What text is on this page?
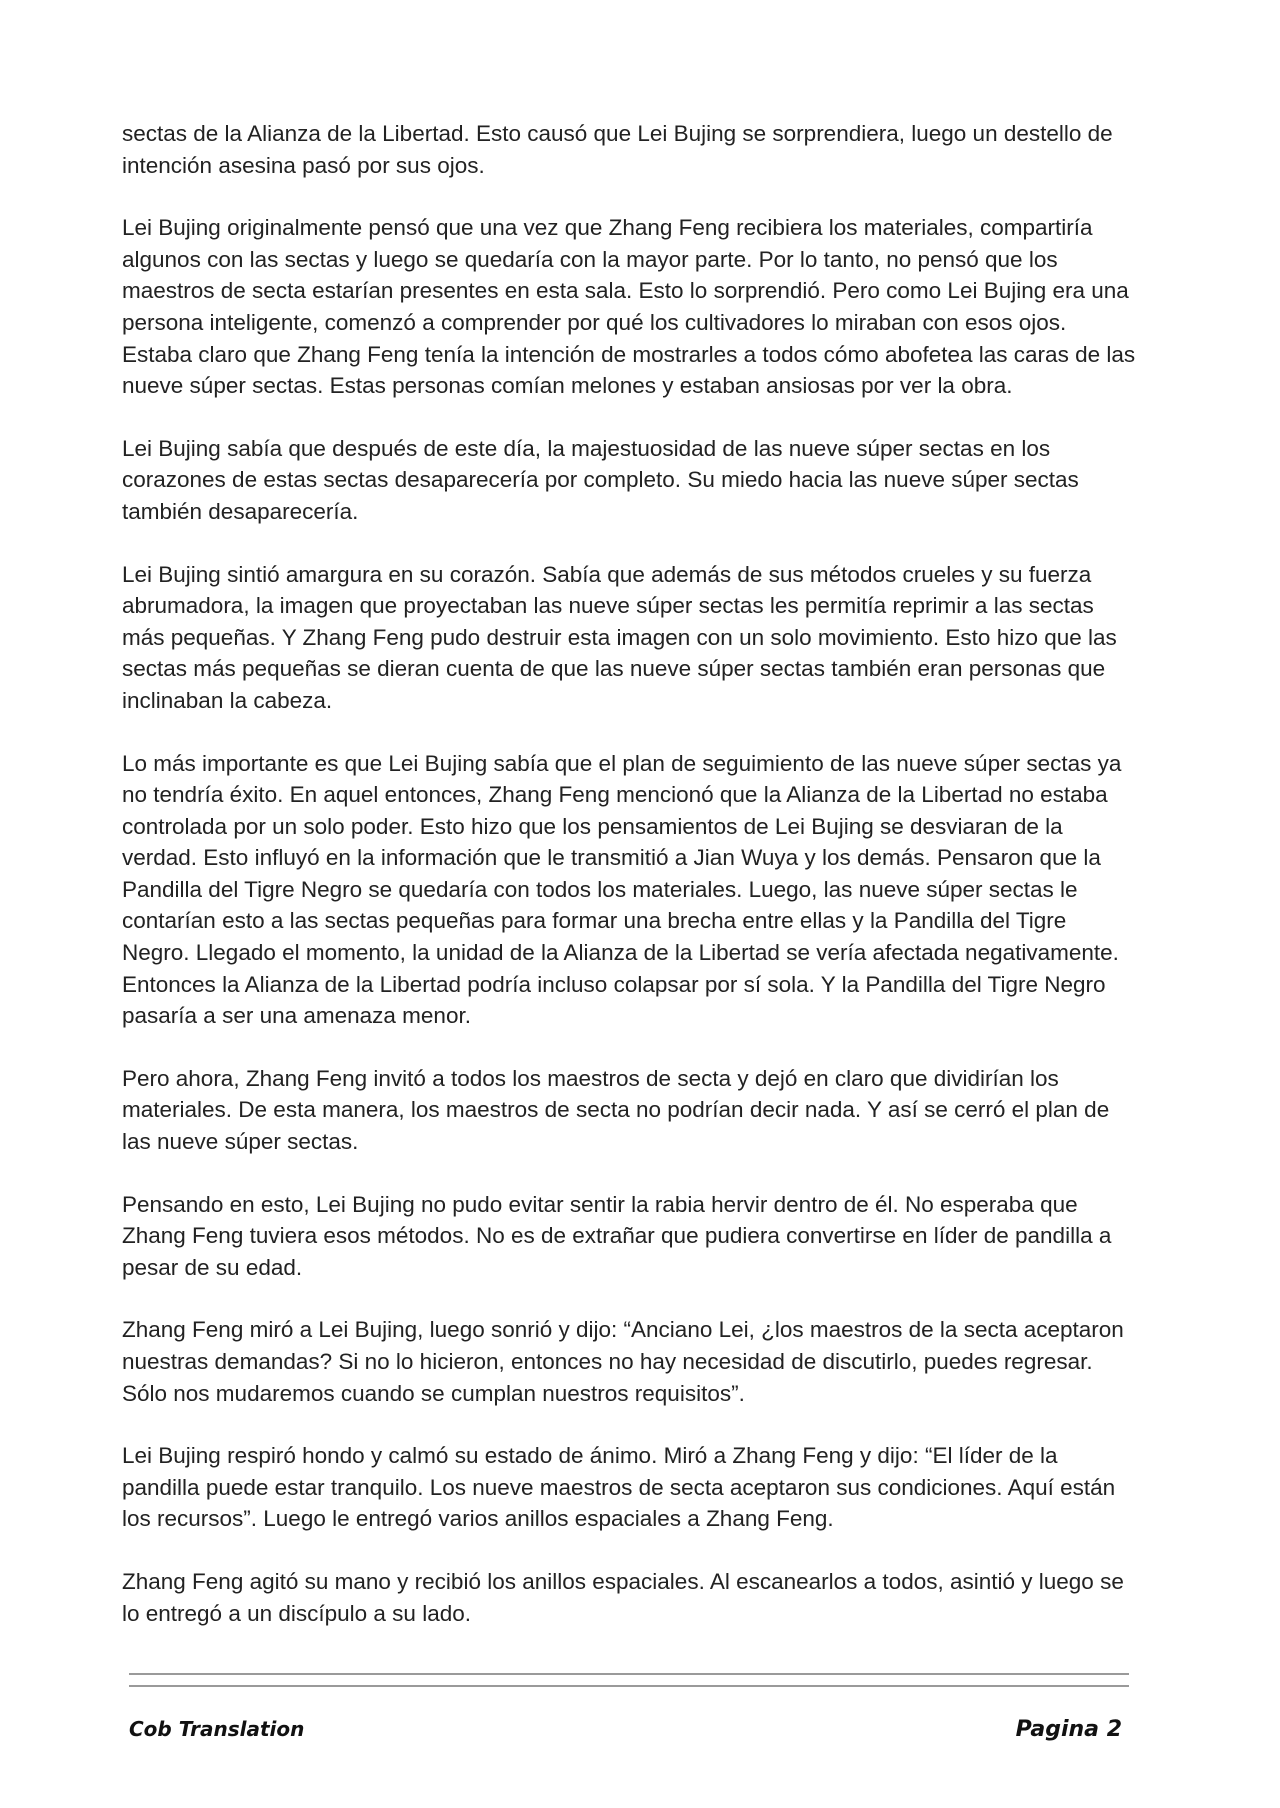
sectas de la Alianza de la Libertad. Esto causó que Lei Bujing se sorprendiera, luego un destello de intención asesina pasó por sus ojos.

Lei Bujing originalmente pensó que una vez que Zhang Feng recibiera los materiales, compartiría algunos con las sectas y luego se quedaría con la mayor parte. Por lo tanto, no pensó que los maestros de secta estarían presentes en esta sala. Esto lo sorprendió. Pero como Lei Bujing era una persona inteligente, comenzó a comprender por qué los cultivadores lo miraban con esos ojos. Estaba claro que Zhang Feng tenía la intención de mostrarles a todos cómo abofetea las caras de las nueve súper sectas. Estas personas comían melones y estaban ansiosas por ver la obra.

Lei Bujing sabía que después de este día, la majestuosidad de las nueve súper sectas en los corazones de estas sectas desaparecería por completo. Su miedo hacia las nueve súper sectas también desaparecería.

Lei Bujing sintió amargura en su corazón. Sabía que además de sus métodos crueles y su fuerza abrumadora, la imagen que proyectaban las nueve súper sectas les permitía reprimir a las sectas más pequeñas. Y Zhang Feng pudo destruir esta imagen con un solo movimiento. Esto hizo que las sectas más pequeñas se dieran cuenta de que las nueve súper sectas también eran personas que inclinaban la cabeza.

Lo más importante es que Lei Bujing sabía que el plan de seguimiento de las nueve súper sectas ya no tendría éxito. En aquel entonces, Zhang Feng mencionó que la Alianza de la Libertad no estaba controlada por un solo poder. Esto hizo que los pensamientos de Lei Bujing se desviaran de la verdad. Esto influyó en la información que le transmitió a Jian Wuya y los demás. Pensaron que la Pandilla del Tigre Negro se quedaría con todos los materiales. Luego, las nueve súper sectas le contarían esto a las sectas pequeñas para formar una brecha entre ellas y la Pandilla del Tigre Negro. Llegado el momento, la unidad de la Alianza de la Libertad se vería afectada negativamente. Entonces la Alianza de la Libertad podría incluso colapsar por sí sola. Y la Pandilla del Tigre Negro pasaría a ser una amenaza menor.

Pero ahora, Zhang Feng invitó a todos los maestros de secta y dejó en claro que dividirían los materiales. De esta manera, los maestros de secta no podrían decir nada. Y así se cerró el plan de las nueve súper sectas.

Pensando en esto, Lei Bujing no pudo evitar sentir la rabia hervir dentro de él. No esperaba que Zhang Feng tuviera esos métodos. No es de extrañar que pudiera convertirse en líder de pandilla a pesar de su edad.

Zhang Feng miró a Lei Bujing, luego sonrió y dijo: “Anciano Lei, ¿los maestros de la secta aceptaron nuestras demandas? Si no lo hicieron, entonces no hay necesidad de discutirlo, puedes regresar. Sólo nos mudaremos cuando se cumplan nuestros requisitos”.

Lei Bujing respiró hondo y calmó su estado de ánimo. Miró a Zhang Feng y dijo: “El líder de la pandilla puede estar tranquilo. Los nueve maestros de secta aceptaron sus condiciones. Aquí están los recursos”. Luego le entregó varios anillos espaciales a Zhang Feng.

Zhang Feng agitó su mano y recibió los anillos espaciales. Al escanearlos a todos, asintió y luego se lo entregó a un discípulo a su lado.

Cob Translation	Pagina 2
